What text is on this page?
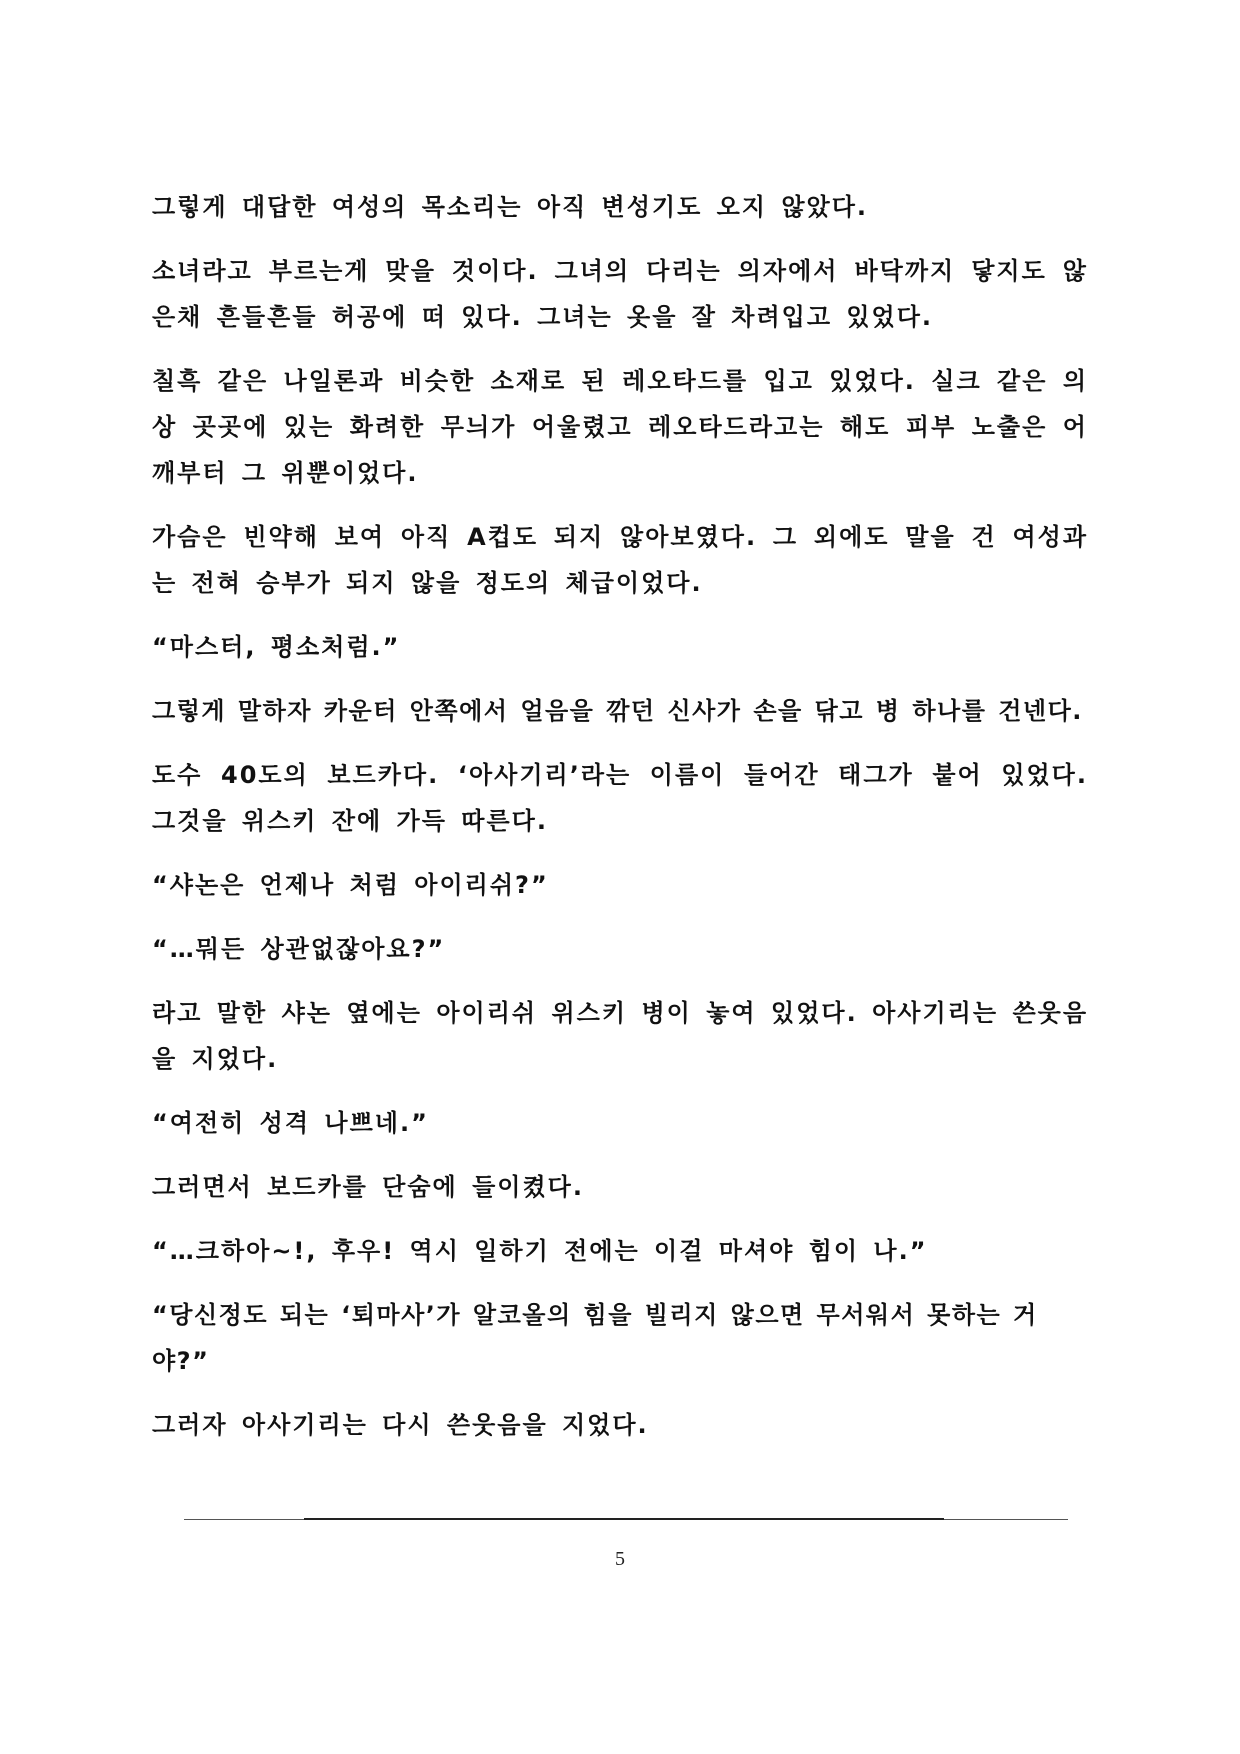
그렇게 대답한 여성의 목소리는 아직 변성기도 오지 않았다.

소녀라고 부르는게 맞을 것이다. 그녀의 다리는 의자에서 바닥까지 닿지도 않은채 흔들흔들 허공에 떠 있다. 그녀는 옷을 잘 차려입고 있었다.

칠흑 같은 나일론과 비슷한 소재로 된 레오타드를 입고 있었다. 실크 같은 의상 곳곳에 있는 화려한 무늬가 어울렸고 레오타드라고는 해도 피부 노출은 어깨부터 그 위뿐이었다.

가슴은 빈약해 보여 아직 A컵도 되지 않아보였다. 그 외에도 말을 건 여성과는 전혀 승부가 되지 않을 정도의 체급이었다.

“마스터, 평소처럼.”

그렇게 말하자 카운터 안쪽에서 얼음을 깎던 신사가 손을 닦고 병 하나를 건넨다.

도수 40도의 보드카다. ‘아사기리’라는 이름이 들어간 태그가 붙어 있었다. 그것을 위스키 잔에 가득 따른다.

“샤논은 언제나 처럼 아이리쉬?”

“…뭐든 상관없잖아요?”

라고 말한 샤논 옆에는 아이리쉬 위스키 병이 놓여 있었다. 아사기리는 쓴웃음을 지었다.

“여전히 성격 나쁘네.”

그러면서 보드카를 단숨에 들이켰다.

“…크하아~!, 후우! 역시 일하기 전에는 이걸 마셔야 힘이 나.”

“당신정도 되는 ‘퇴마사’가 알코올의 힘을 빌리지 않으면 무서워서 못하는 거야?”

그러자 아사기리는 다시 쓴웃음을 지었다.

5
